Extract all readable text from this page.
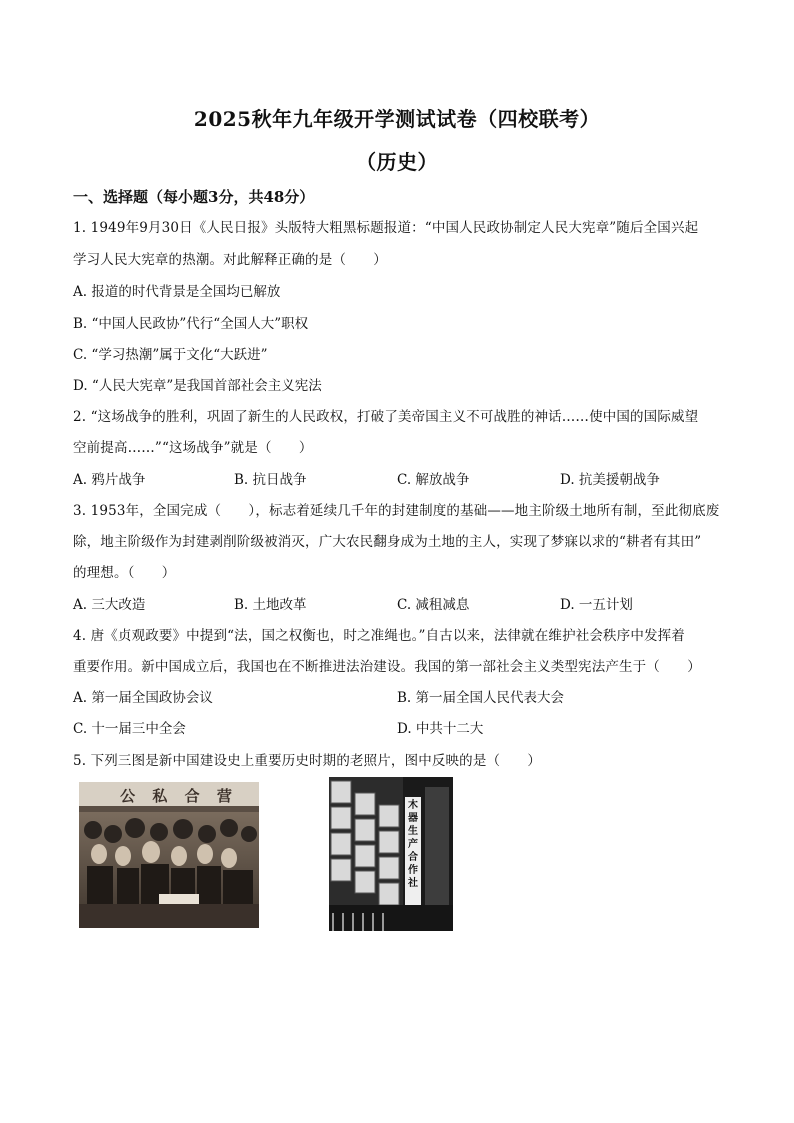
2025秋年九年级开学测试试卷（四校联考）
（历史）
一、选择题（每小题3分，共48分）
1. 1949年9月30日《人民日报》头版特大粗黑标题报道：“中国人民政协制定人民大宪章”随后全国兴起
学习人民大宪章的热潮。对此解释正确的是（　　）
A. 报道的时代背景是全国均已解放
B. “中国人民政协”代行“全国人大”职权
C. “学习热潮”属于文化“大跃进”
D. “人民大宪章”是我国首部社会主义宪法
2. “这场战争的胜利，巩固了新生的人民政权，打破了美帝国主义不可战胜的神话……使中国的国际威望
空前提高……”“这场战争”就是（　　）
A. 鸦片战争	B. 抗日战争	C. 解放战争	D. 抗美援朝战争
3. 1953年，全国完成（　　），标志着延续几千年的封建制度的基础——地主阶级土地所有制，至此彻底废
除，地主阶级作为封建剥削阶级被消灭，广大农民翻身成为土地的主人，实现了梦寐以求的“耕者有其田”
的理想。（　　）
A. 三大改造	B. 土地改革	C. 减租减息	D. 一五计划
4. 唐《贞观政要》中提到“法，国之权衡也，时之准绳也。”自古以来，法律就在维护社会秩序中发挥着
重要作用。新中国成立后，我国也在不断推进法治建设。我国的第一部社会主义类型宪法产生于（　　）
A. 第一届全国政协会议	B. 第一届全国人民代表大会
C. 十一届三中全会	D. 中共十二大
5. 下列三图是新中国建设史上重要历史时期的老照片，图中反映的是（　　）
公 私 合 营
木器生产合作社
